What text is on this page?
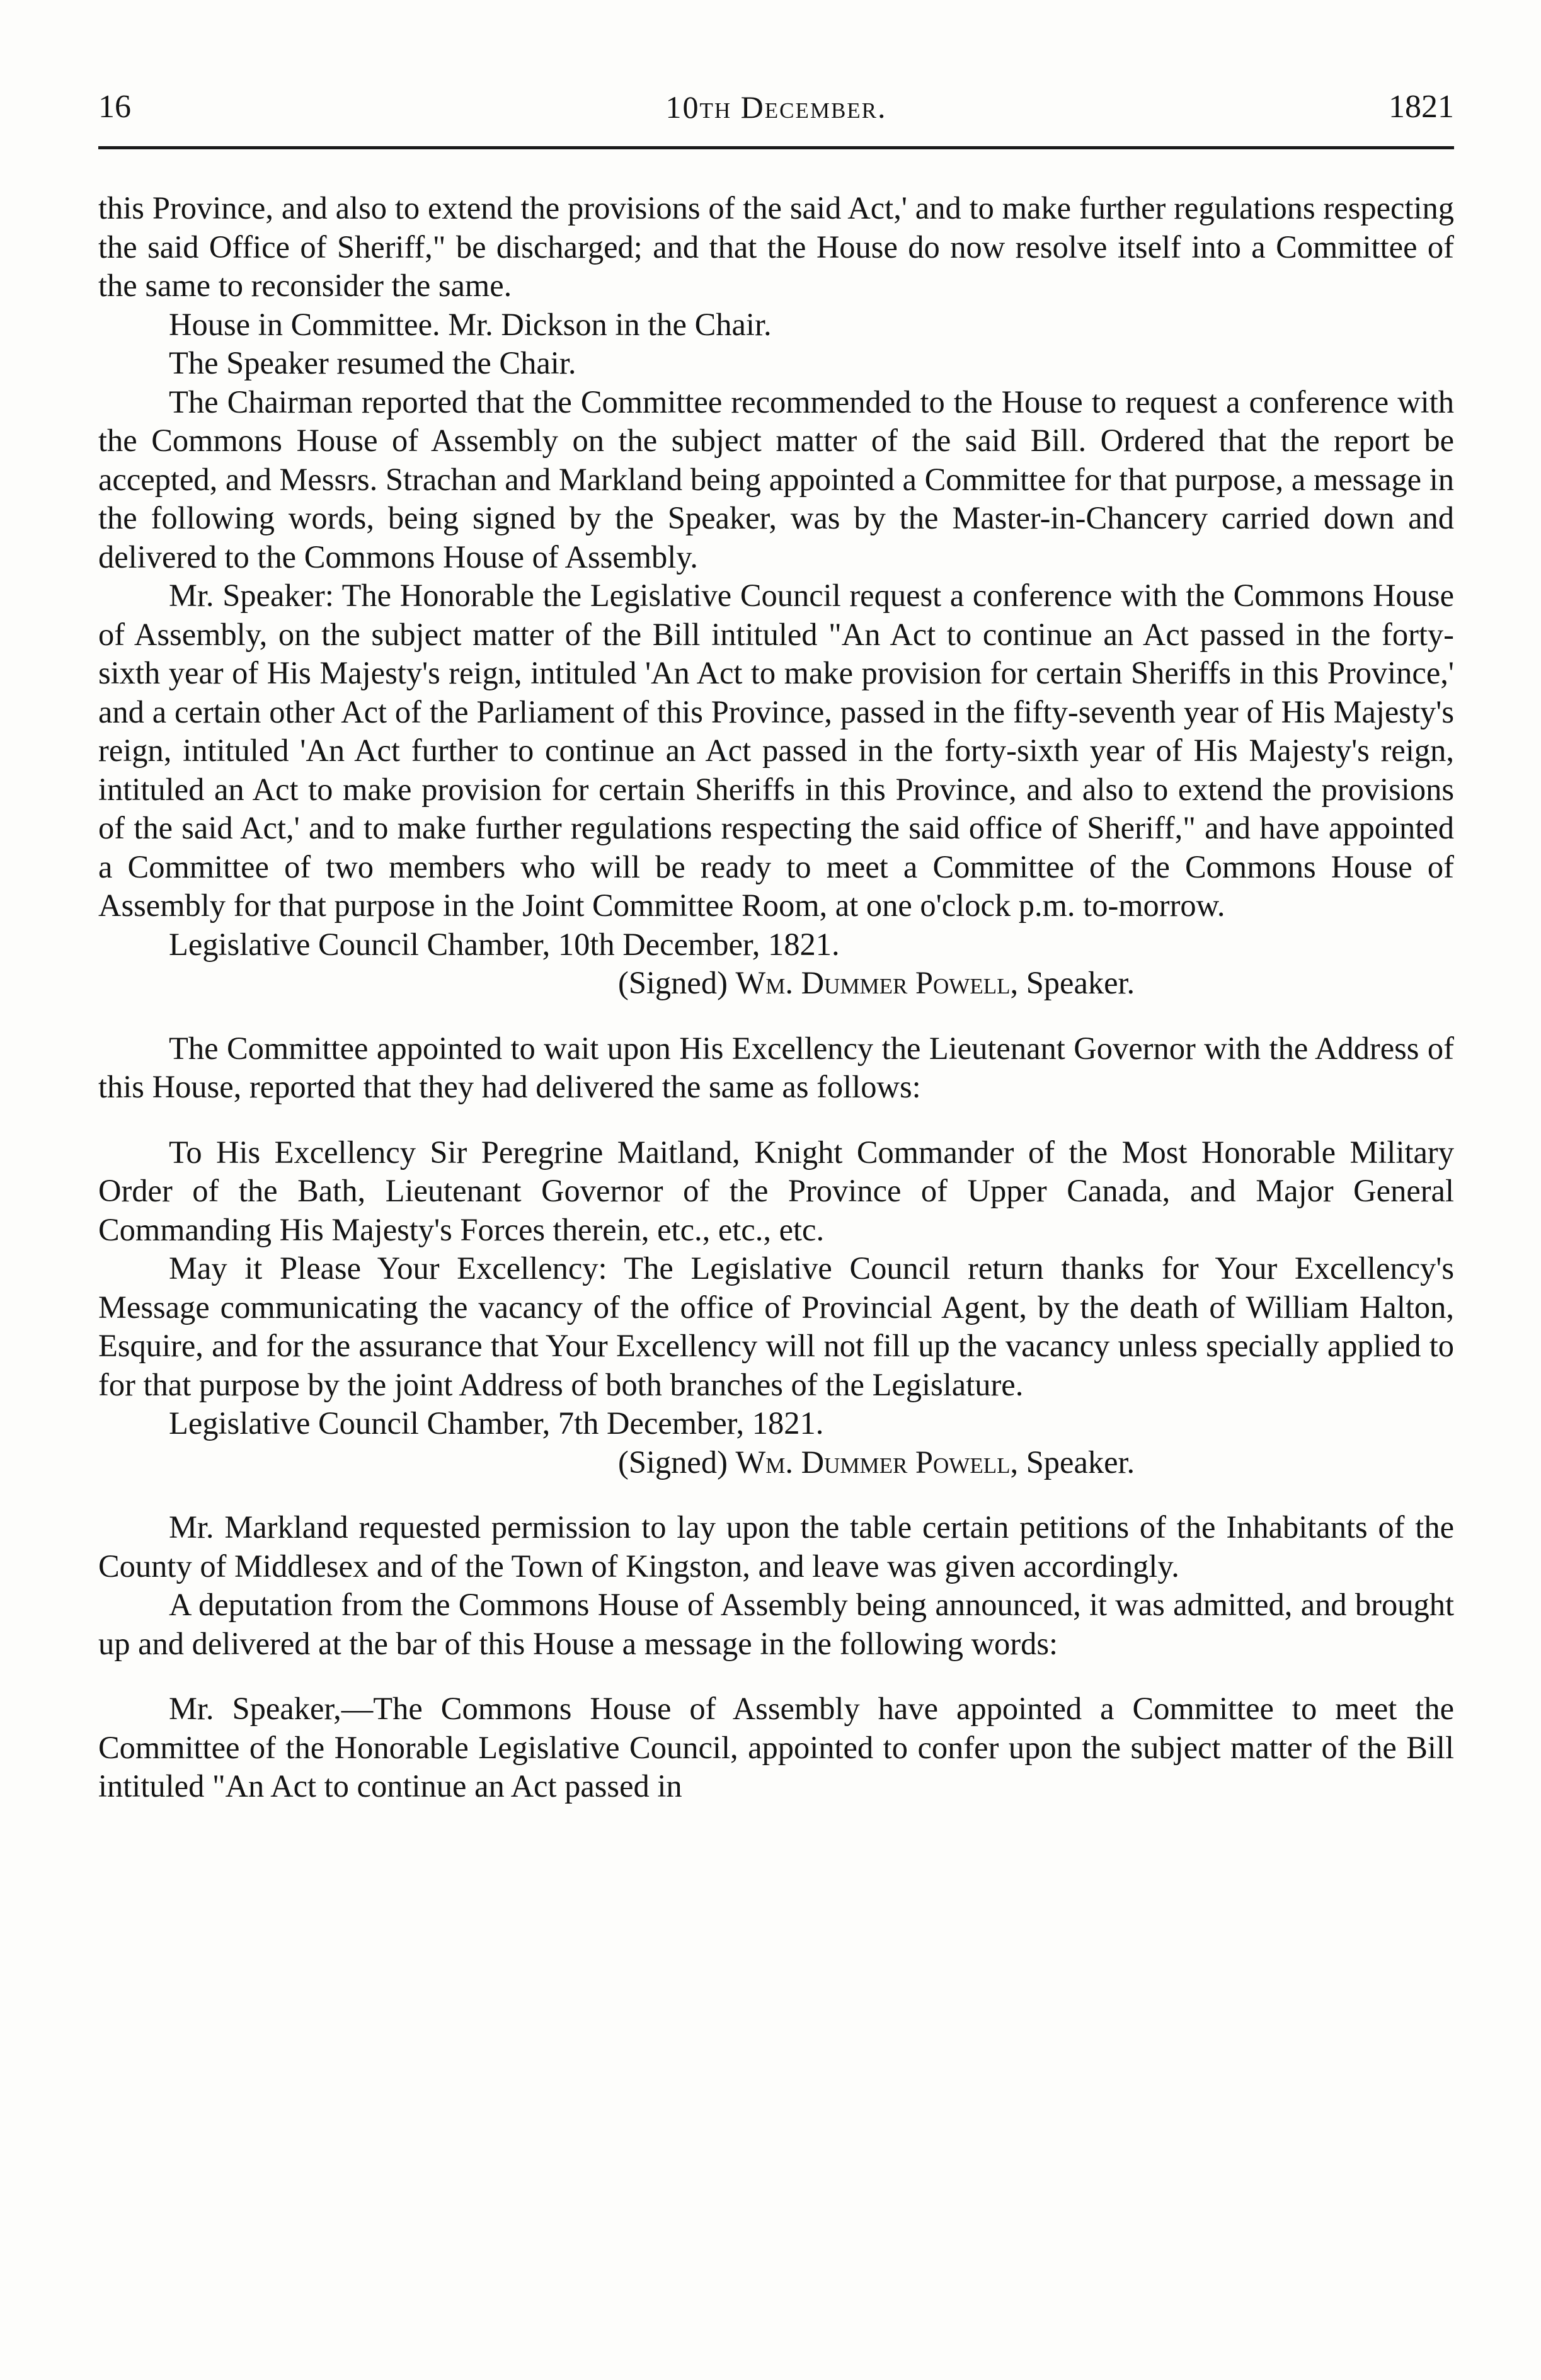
16	10th December.	1821

this Province, and also to extend the provisions of the said Act,' and to make further regulations respecting the said Office of Sheriff," be discharged; and that the House do now resolve itself into a Committee of the same to reconsider the same.

House in Committee. Mr. Dickson in the Chair.

The Speaker resumed the Chair.

The Chairman reported that the Committee recommended to the House to request a conference with the Commons House of Assembly on the subject matter of the said Bill. Ordered that the report be accepted, and Messrs. Strachan and Markland being appointed a Committee for that purpose, a message in the following words, being signed by the Speaker, was by the Master-in-Chancery carried down and delivered to the Commons House of Assembly.

Mr. Speaker: The Honorable the Legislative Council request a conference with the Commons House of Assembly, on the subject matter of the Bill intituled "An Act to continue an Act passed in the forty-sixth year of His Majesty's reign, intituled 'An Act to make provision for certain Sheriffs in this Province,' and a certain other Act of the Parliament of this Province, passed in the fifty-seventh year of His Majesty's reign, intituled 'An Act further to continue an Act passed in the forty-sixth year of His Majesty's reign, intituled an Act to make provision for certain Sheriffs in this Province, and also to extend the provisions of the said Act,' and to make further regulations respecting the said office of Sheriff," and have appointed a Committee of two members who will be ready to meet a Committee of the Commons House of Assembly for that purpose in the Joint Committee Room, at one o'clock p.m. to-morrow.

Legislative Council Chamber, 10th December, 1821.

(Signed) Wm. Dummer Powell, Speaker.

The Committee appointed to wait upon His Excellency the Lieutenant Governor with the Address of this House, reported that they had delivered the same as follows:

To His Excellency Sir Peregrine Maitland, Knight Commander of the Most Honorable Military Order of the Bath, Lieutenant Governor of the Province of Upper Canada, and Major General Commanding His Majesty's Forces therein, etc., etc., etc.

May it Please Your Excellency: The Legislative Council return thanks for Your Excellency's Message communicating the vacancy of the office of Provincial Agent, by the death of William Halton, Esquire, and for the assurance that Your Excellency will not fill up the vacancy unless specially applied to for that purpose by the joint Address of both branches of the Legislature.

Legislative Council Chamber, 7th December, 1821.

(Signed) Wm. Dummer Powell, Speaker.

Mr. Markland requested permission to lay upon the table certain petitions of the Inhabitants of the County of Middlesex and of the Town of Kingston, and leave was given accordingly.

A deputation from the Commons House of Assembly being announced, it was admitted, and brought up and delivered at the bar of this House a message in the following words:

Mr. Speaker,—The Commons House of Assembly have appointed a Committee to meet the Committee of the Honorable Legislative Council, appointed to confer upon the subject matter of the Bill intituled "An Act to continue an Act passed in
